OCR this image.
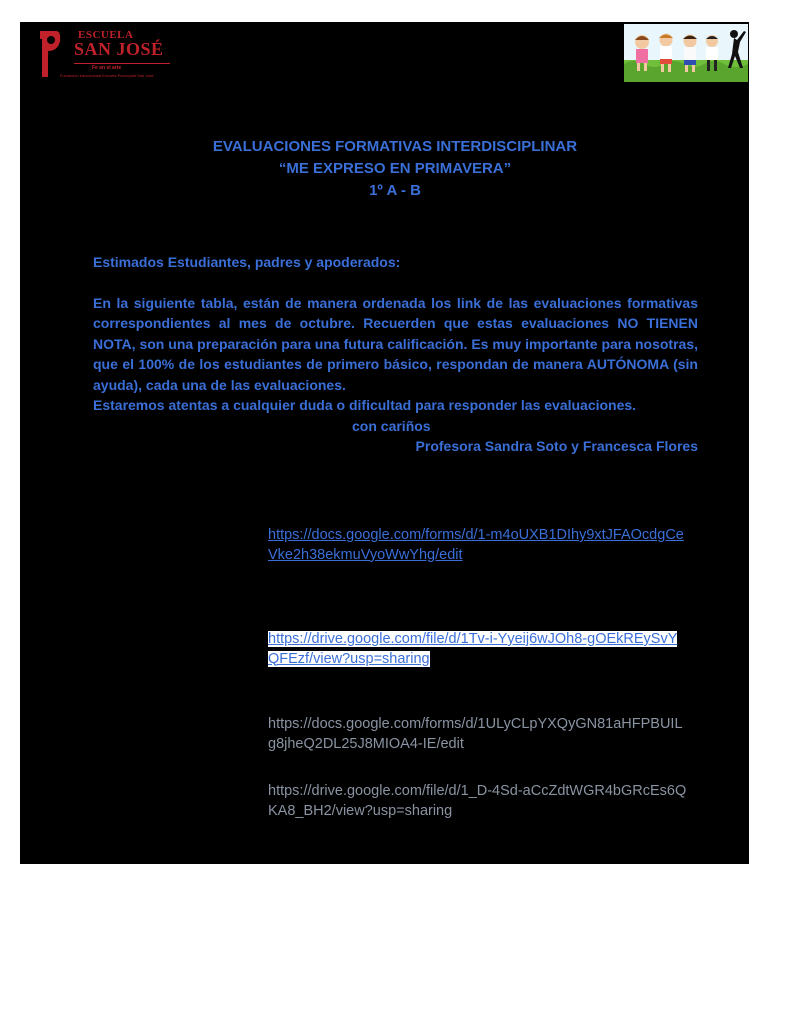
ESCUELA
SAN JOSÉ
Fe en el arte
Fundación educacional Escuela Parroquial San José
EVALUACIONES FORMATIVAS INTERDISCIPLINAR
“ME EXPRESO EN PRIMAVERA”
1º A - B

Estimados Estudiantes, padres y apoderados:

En la siguiente tabla, están de manera ordenada los link de las evaluaciones formativas correspondientes al mes de octubre. Recuerden que estas evaluaciones NO TIENEN NOTA, son una preparación para una futura calificación. Es muy importante para nosotras, que el 100% de los estudiantes de primero básico, respondan de manera AUTÓNOMA (sin ayuda), cada una de las evaluaciones.

Estaremos atentas a cualquier duda o dificultad para responder las evaluaciones.

con cariños

Profesora Sandra Soto y Francesca Flores

https://docs.google.com/forms/d/1-m4oUXB1DIhy9xtJFAOcdgCeVke2h38ekmuVyoWwYhg/edit
https://drive.google.com/file/d/1Tv-i-Yyeij6wJOh8-gOEkREySvYQFEzf/view?usp=sharing
https://docs.google.com/forms/d/1ULyCLpYXQyGN81aHFPBUILg8jheQ2DL25J8MIOA4-IE/edit
https://drive.google.com/file/d/1_D-4Sd-aCcZdtWGR4bGRcEs6QKA8_BH2/view?usp=sharing
